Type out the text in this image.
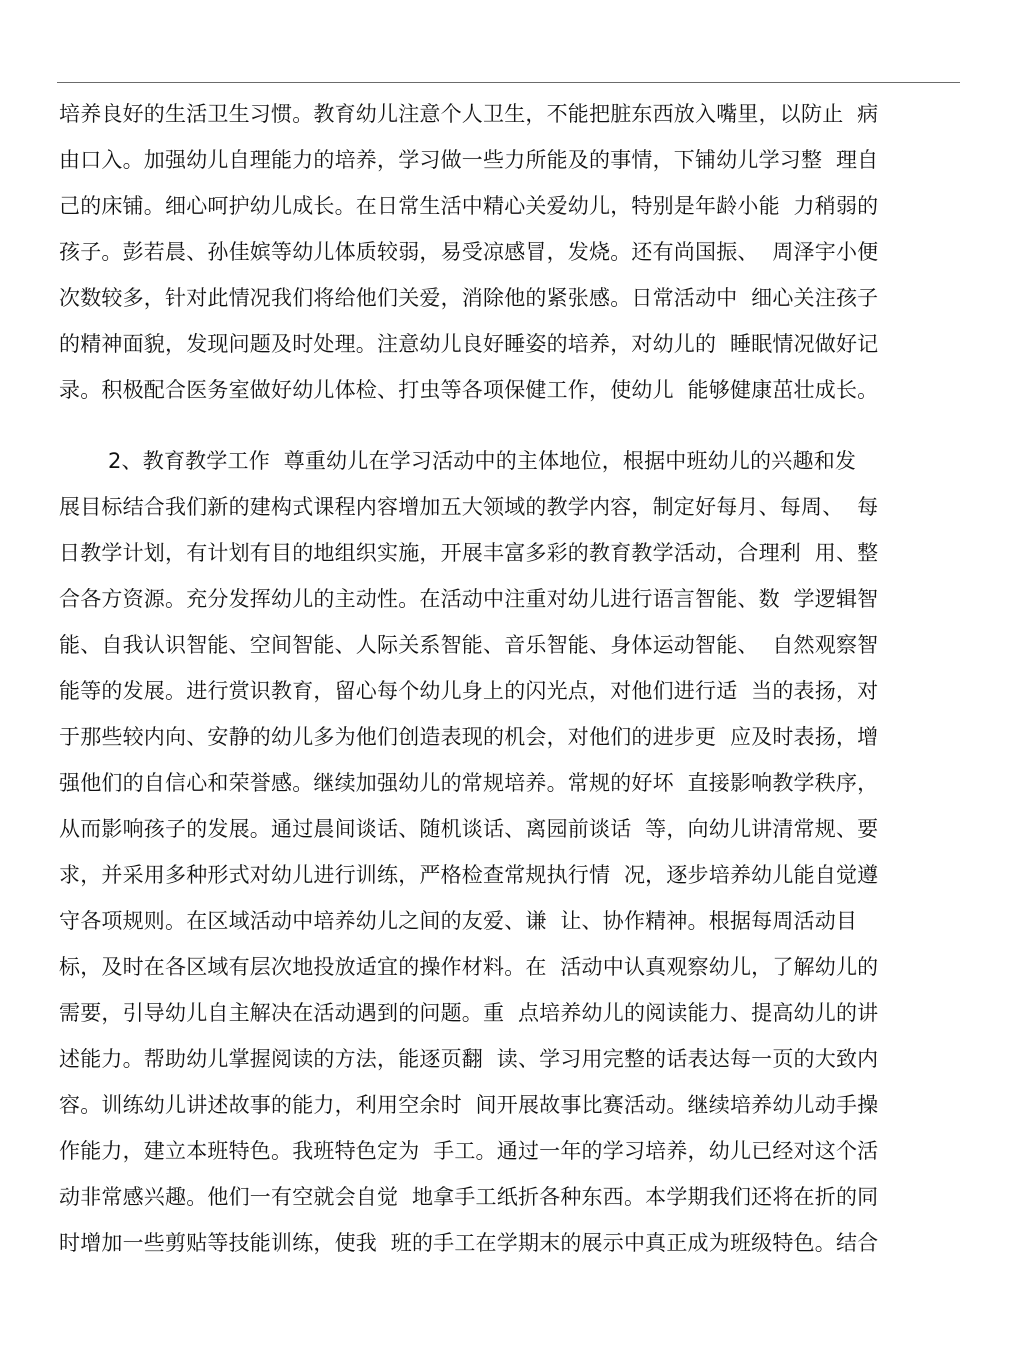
培养良好的生活卫生习惯。教育幼儿注意个人卫生，不能把脏东西放入嘴里，以防止  病
由口入。加强幼儿自理能力的培养，学习做一些力所能及的事情，下铺幼儿学习整  理自
己的床铺。细心呵护幼儿成长。在日常生活中精心关爱幼儿，特别是年龄小能  力稍弱的
孩子。彭若晨、孙佳嫔等幼儿体质较弱，易受凉感冒，发烧。还有尚国振、  周泽宇小便
次数较多，针对此情况我们将给他们关爱，消除他的紧张感。日常活动中  细心关注孩子
的精神面貌，发现问题及时处理。注意幼儿良好睡姿的培养，对幼儿的  睡眠情况做好记
录。积极配合医务室做好幼儿体检、打虫等各项保健工作，使幼儿  能够健康茁壮成长。
2、教育教学工作  尊重幼儿在学习活动中的主体地位，根据中班幼儿的兴趣和发
展目标结合我们新的建构式课程内容增加五大领域的教学内容，制定好每月、每周、  每
日教学计划，有计划有目的地组织实施，开展丰富多彩的教育教学活动，合理利  用、整
合各方资源。充分发挥幼儿的主动性。在活动中注重对幼儿进行语言智能、数  学逻辑智
能、自我认识智能、空间智能、人际关系智能、音乐智能、身体运动智能、  自然观察智
能等的发展。进行赏识教育，留心每个幼儿身上的闪光点，对他们进行适  当的表扬，对
于那些较内向、安静的幼儿多为他们创造表现的机会，对他们的进步更  应及时表扬，增
强他们的自信心和荣誉感。继续加强幼儿的常规培养。常规的好坏  直接影响教学秩序，
从而影响孩子的发展。通过晨间谈话、随机谈话、离园前谈话  等，向幼儿讲清常规、要
求，并采用多种形式对幼儿进行训练，严格检查常规执行情  况，逐步培养幼儿能自觉遵
守各项规则。在区域活动中培养幼儿之间的友爱、谦  让、协作精神。根据每周活动目
标，及时在各区域有层次地投放适宜的操作材料。在  活动中认真观察幼儿，了解幼儿的
需要，引导幼儿自主解决在活动遇到的问题。重  点培养幼儿的阅读能力、提高幼儿的讲
述能力。帮助幼儿掌握阅读的方法，能逐页翻  读、学习用完整的话表达每一页的大致内
容。训练幼儿讲述故事的能力，利用空余时  间开展故事比赛活动。继续培养幼儿动手操
作能力，建立本班特色。我班特色定为  手工。通过一年的学习培养，幼儿已经对这个活
动非常感兴趣。他们一有空就会自觉  地拿手工纸折各种东西。本学期我们还将在折的同
时增加一些剪贴等技能训练，使我  班的手工在学期末的展示中真正成为班级特色。结合
